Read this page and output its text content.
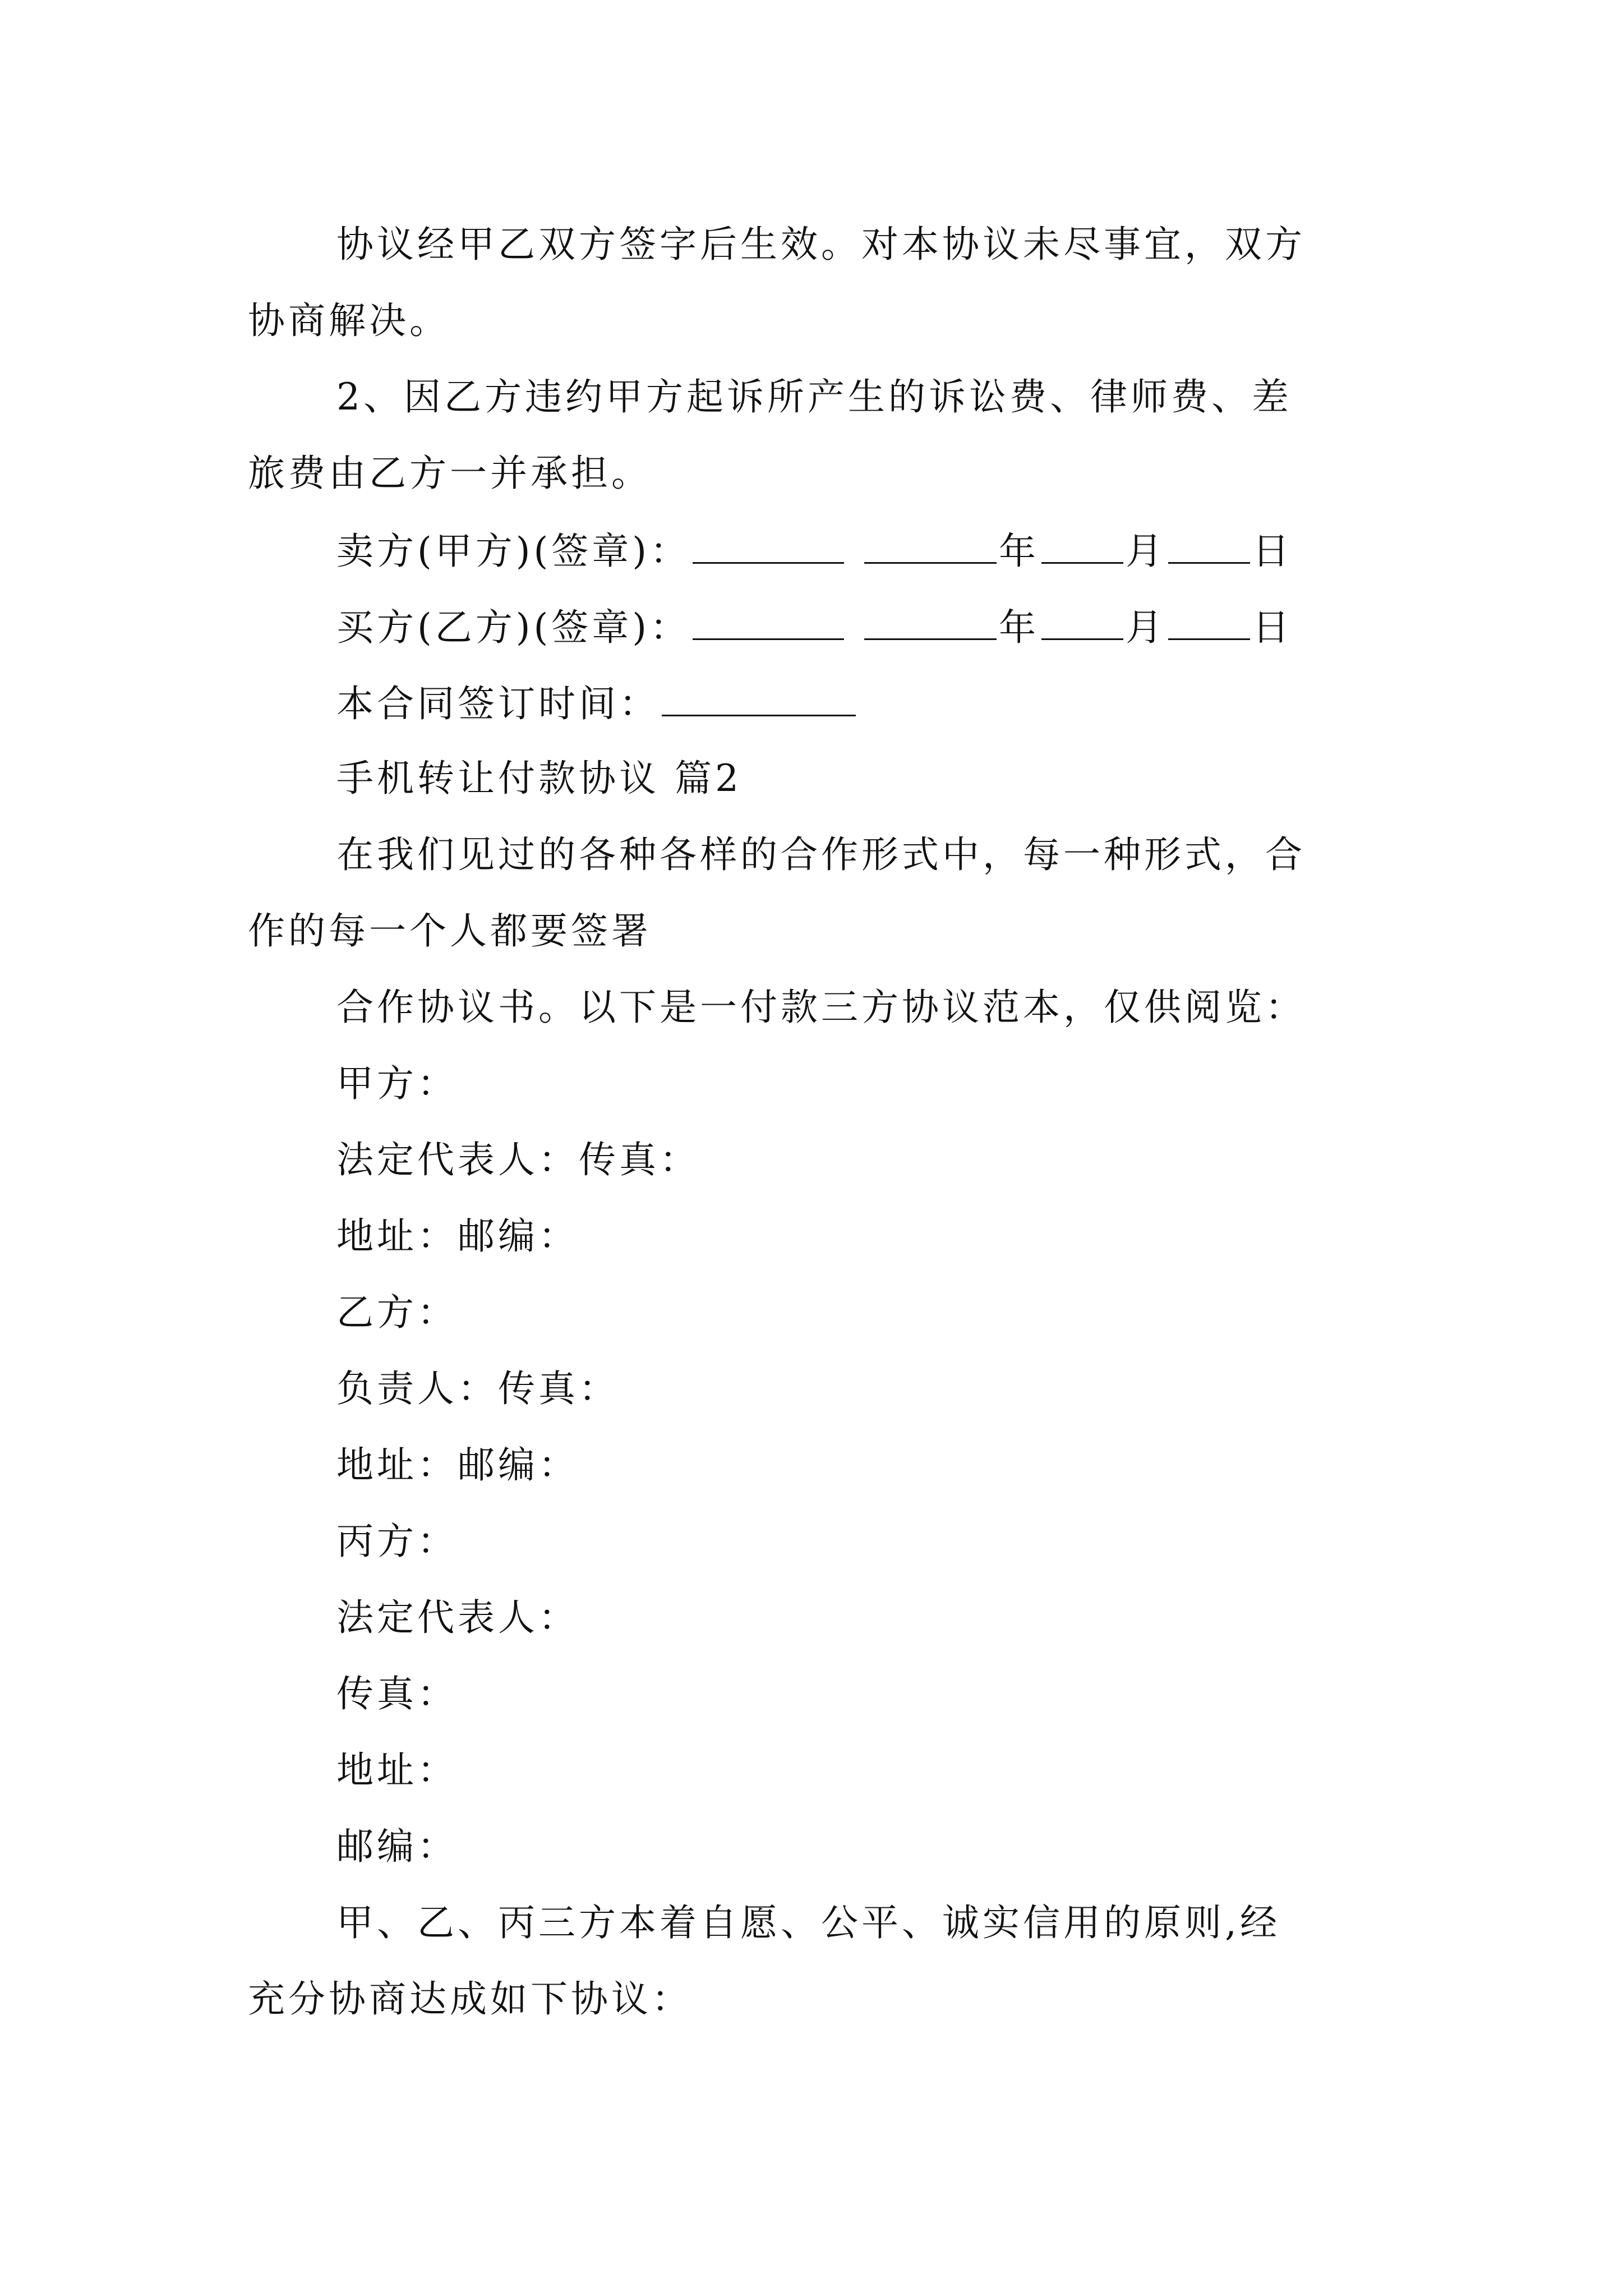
协议经甲乙双方签字后生效。对本协议未尽事宜，双方
协商解决。
2、因乙方违约甲方起诉所产生的诉讼费、律师费、差
旅费由乙方一并承担。
卖方(甲方)(签章)：	年 月 日
买方(乙方)(签章)：	年 月 日
本合同签订时间：
手机转让付款协议 篇2
在我们见过的各种各样的合作形式中，每一种形式，合
作的每一个人都要签署
合作协议书。以下是一付款三方协议范本，仅供阅览：
甲方：
法定代表人：传真：
地址：邮编：
乙方：
负责人：传真：
地址：邮编：
丙方：
法定代表人：
传真：
地址：
邮编：
甲、乙、丙三方本着自愿、公平、诚实信用的原则,经
充分协商达成如下协议：
